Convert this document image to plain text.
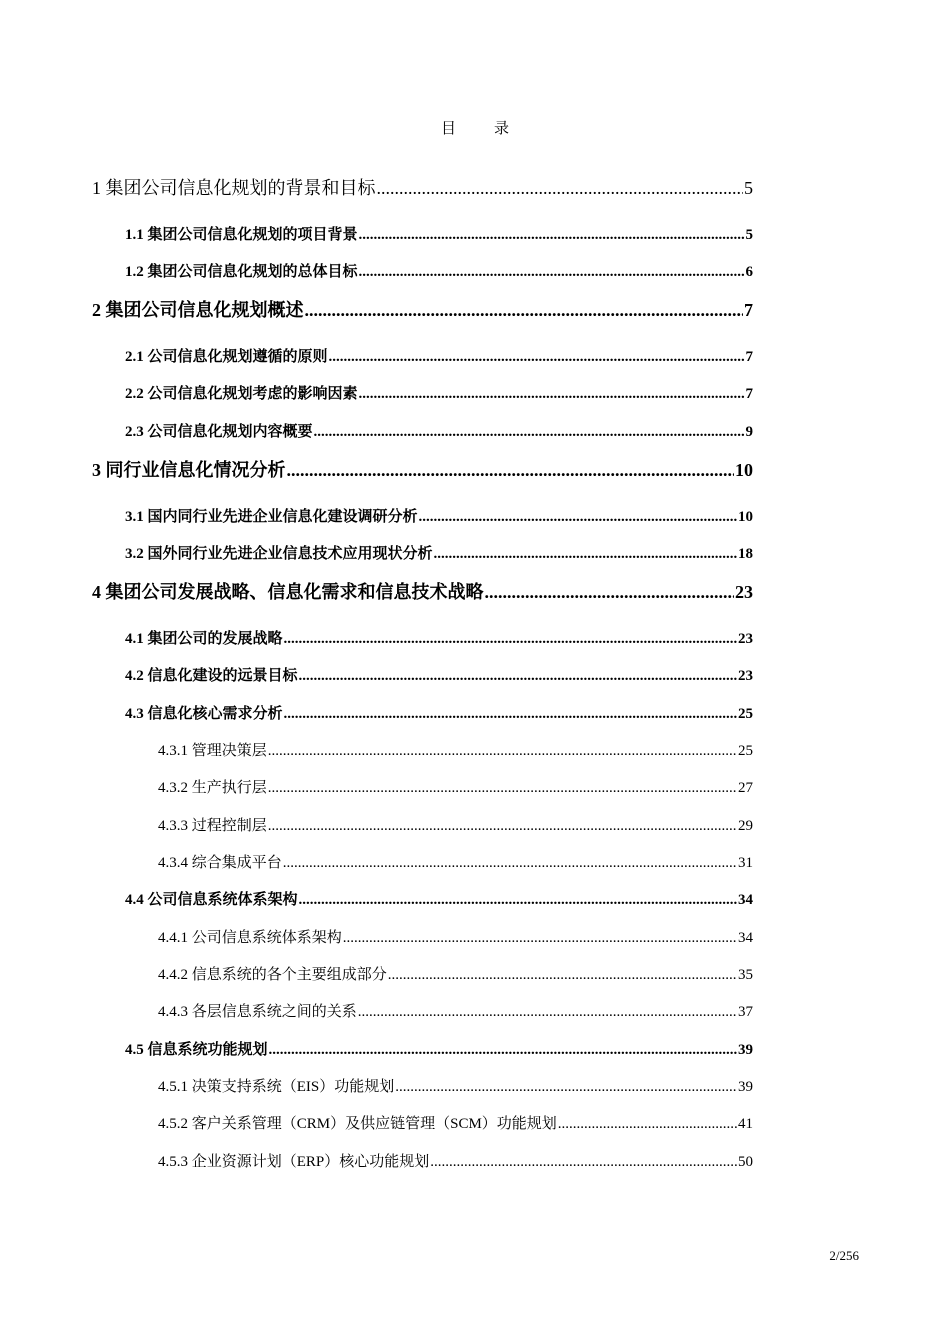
目	录
1 集团公司信息化规划的背景和目标 .....	5
1.1 集团公司信息化规划的项目背景 .....	5
1.2 集团公司信息化规划的总体目标 .....	6
2 集团公司信息化规划概述 .....	7
2.1 公司信息化规划遵循的原则 .....	7
2.2 公司信息化规划考虑的影响因素 .....	7
2.3 公司信息化规划内容概要 .....	9
3 同行业信息化情况分析 .....	10
3.1 国内同行业先进企业信息化建设调研分析 .....	10
3.2 国外同行业先进企业信息技术应用现状分析 .....	18
4 集团公司发展战略、信息化需求和信息技术战略 .....	23
4.1 集团公司的发展战略 .....	23
4.2 信息化建设的远景目标 .....	23
4.3 信息化核心需求分析 .....	25
4.3.1 管理决策层 .....	25
4.3.2 生产执行层 .....	27
4.3.3 过程控制层 .....	29
4.3.4 综合集成平台 .....	31
4.4 公司信息系统体系架构 .....	34
4.4.1 公司信息系统体系架构 .....	34
4.4.2 信息系统的各个主要组成部分 .....	35
4.4.3 各层信息系统之间的关系 .....	37
4.5 信息系统功能规划 .....	39
4.5.1 决策支持系统（EIS）功能规划 .....	39
4.5.2 客户关系管理（CRM）及供应链管理（SCM）功能规划 .....	41
4.5.3 企业资源计划（ERP）核心功能规划 .....	50
2/256
